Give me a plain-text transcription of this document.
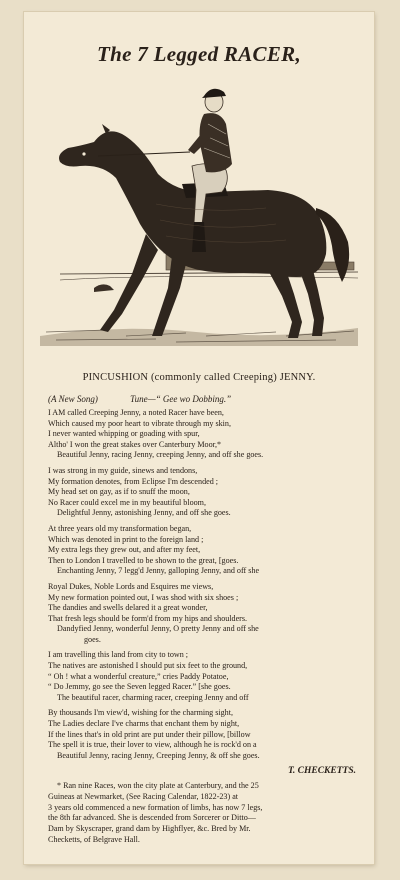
The 7 Legged RACER,
PINCUSHION (commonly called Creeping) JENNY.
(A New Song)	Tune—“ Gee wo Dobbing.”
I AM called Creeping Jenny, a noted Racer have been,
Which caused my poor heart to vibrate through my skin,
I never wanted whipping or goading with spur,
Altho' I won the great stakes over Canterbury Moor,*
Beautiful Jenny, racing Jenny, creeping Jenny, and off she goes.
I was strong in my guide, sinews and tendons,
My formation denotes, from Eclipse I'm descended ;
My head set on gay, as if to snuff the moon,
No Racer could excel me in my beautiful bloom,
Delightful Jenny, astonishing Jenny, and off she goes.
At three years old my transformation began,
Which was denoted in print to the foreign land ;
My extra legs they grew out, and after my feet,
Then to London I travelled to be shown to the great, [goes.
Enchanting Jenny, 7 legg'd Jenny, galloping Jenny, and off she
Royal Dukes, Noble Lords and Esquires me views,
My new formation pointed out, I was shod with six shoes ;
The dandies and swells delared it a great wonder,
That fresh legs should be form'd from my hips and shoulders.
Dandyfied Jenny, wonderful Jenny, O pretty Jenny and off she
goes.
I am travelling this land from city to town ;
The natives are astonished I should put six feet to the ground,
“ Oh ! what a wonderful creature,” cries Paddy Potatoe,
“ Do Jemmy, go see the Seven legged Racer.” [she goes.
The beautiful racer, charming racer, creeping Jenny and off
By thousands I'm view'd, wishing for the charming sight,
The Ladies declare I've charms that enchant them by night,
If the lines that's in old print are put under their pillow, [billow
The spell it is true, their lover to view, although he is rock'd on a
Beautiful Jenny, racing Jenny, Creeping Jenny, & off she goes.
T. CHECKETTS.
* Ran nine Races, won the city plate at Canterbury, and the 25
Guineas at Newmarket, (See Racing Calendar, 1822-23) at
3 years old commenced a new formation of limbs, has now 7 legs,
the 8th far advanced. She is descended from Sorcerer or Ditto—
Dam by Skyscraper, grand dam by Highflyer, &c. Bred by Mr.
Checketts, of Belgrave Hall.
